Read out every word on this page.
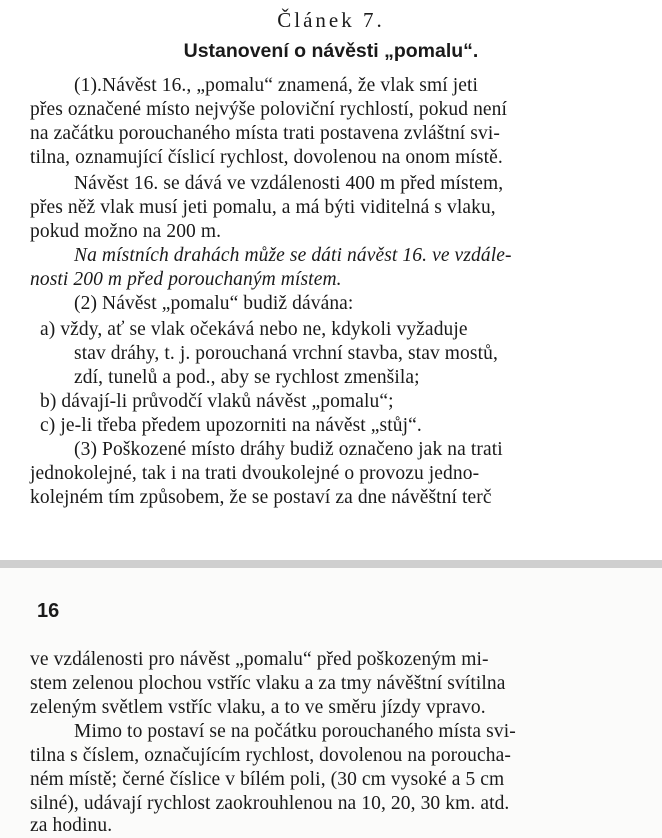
Článek 7.
Ustanovení o návěsti „pomalu“.
(1).Návěst 16., „pomalu“ znamená, že vlak smí jeti
přes označené místo nejvýše poloviční rychlostí, pokud není
na začátku porouchaného místa trati postavena zvláštní svi-
tilna, oznamující číslicí rychlost, dovolenou na onom místě.
Návěst 16. se dává ve vzdálenosti 400 m před místem,
přes něž vlak musí jeti pomalu, a má býti viditelná s vlaku,
pokud možno na 200 m.
Na místních drahách může se dáti návěst 16. ve vzdále-
nosti 200 m před porouchaným místem.
(2) Návěst „pomalu“ budiž dávána:
a) vždy, ať se vlak očekává nebo ne, kdykoli vyžaduje
stav dráhy, t. j. porouchaná vrchní stavba, stav mostů,
zdí, tunelů a pod., aby se rychlost zmenšila;
b) dávají-li průvodčí vlaků návěst „pomalu“;
c) je-li třeba předem upozorniti na návěst „stůj“.
(3) Poškozené místo dráhy budiž označeno jak na trati
jednokolejné, tak i na trati dvoukolejné o provozu jedno-
kolejném tím způsobem, že se postaví za dne návěštní terč
16
ve vzdálenosti pro návěst „pomalu“ před poškozeným mi-
stem zelenou plochou vstříc vlaku a za tmy návěštní svítilna
zeleným světlem vstříc vlaku, a to ve směru jízdy vpravo.
Mimo to postaví se na počátku porouchaného místa svi-
tilna s číslem, označujícím rychlost, dovolenou na porouchа-
ném místě; černé číslice v bílém poli, (30 cm vysoké a 5 cm
silné), udávají rychlost zaokrouhlenou na 10, 20, 30 km. atd.
za hodinu.
